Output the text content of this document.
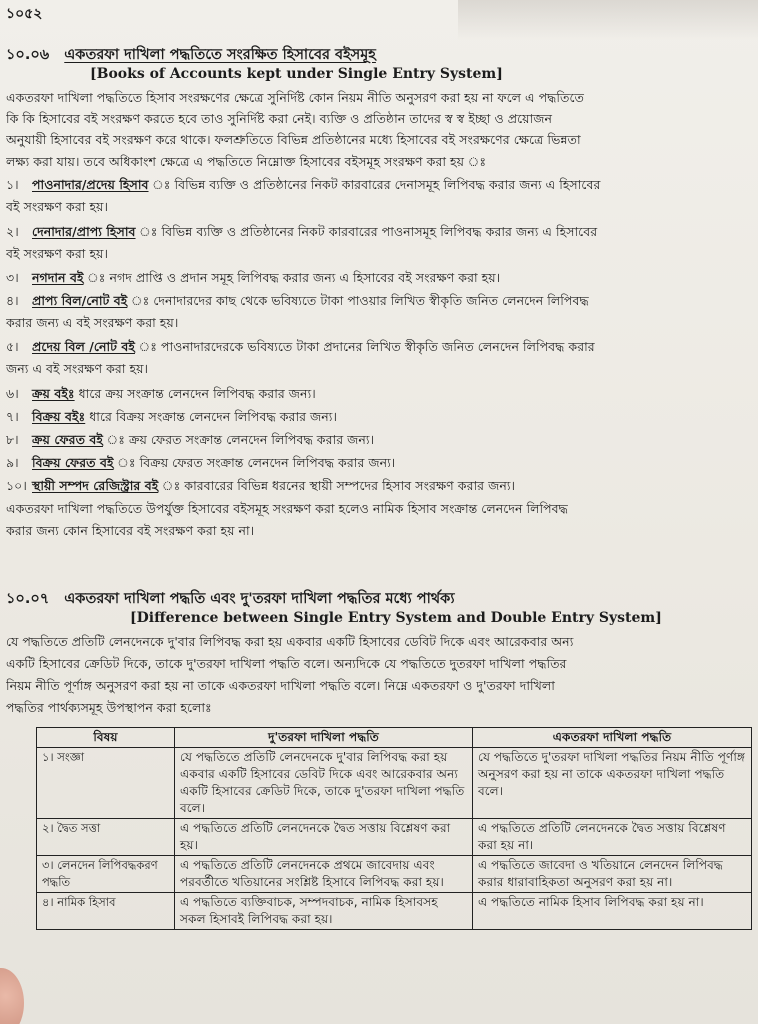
১০৫২
১০.০৬ একতরফা দাখিলা পদ্ধতিতে সংরক্ষিত হিসাবের বইসমূহ
[Books of Accounts kept under Single Entry System]
একতরফা দাখিলা পদ্ধতিতে হিসাব সংরক্ষণের ক্ষেত্রে সুনির্দিষ্ট কোন নিয়ম নীতি অনুসরণ করা হয় না ফলে এ পদ্ধতিতে
কি কি হিসাবের বই সংরক্ষণ করতে হবে তাও সুনির্দিষ্ট করা নেই। ব্যক্তি ও প্রতিষ্ঠান তাদের স্ব স্ব ইচ্ছা ও প্রয়োজন
অনুযায়ী হিসাবের বই সংরক্ষণ করে থাকে। ফলশ্রুতিতে বিভিন্ন প্রতিষ্ঠানের মধ্যে হিসাবের বই সংরক্ষণের ক্ষেত্রে ভিন্নতা
লক্ষ্য করা যায়। তবে অধিকাংশ ক্ষেত্রে এ পদ্ধতিতে নিম্নোক্ত হিসাবের বইসমূহ সংরক্ষণ করা হয় ঃ
১। পাওনাদার/প্রদেয় হিসাব ঃ বিভিন্ন ব্যক্তি ও প্রতিষ্ঠানের নিকট কারবারের দেনাসমূহ লিপিবদ্ধ করার জন্য এ হিসাবের
বই সংরক্ষণ করা হয়।
২। দেনাদার/প্রাপ্য হিসাব ঃ বিভিন্ন ব্যক্তি ও প্রতিষ্ঠানের নিকট কারবারের পাওনাসমূহ লিপিবদ্ধ করার জন্য এ হিসাবের
বই সংরক্ষণ করা হয়।
৩। নগদান বই ঃ নগদ প্রাপ্তি ও প্রদান সমূহ লিপিবদ্ধ করার জন্য এ হিসাবের বই সংরক্ষণ করা হয়।
৪। প্রাপ্য বিল/নোট বই ঃ দেনাদারদের কাছ থেকে ভবিষ্যতে টাকা পাওয়ার লিখিত স্বীকৃতি জনিত লেনদেন লিপিবদ্ধ
করার জন্য এ বই সংরক্ষণ করা হয়।
৫। প্রদেয় বিল /নোট বই ঃ পাওনাদারদেরকে ভবিষ্যতে টাকা প্রদানের লিখিত স্বীকৃতি জনিত লেনদেন লিপিবদ্ধ করার
জন্য এ বই সংরক্ষণ করা হয়।
৬। ক্রয় বইঃ ধারে ক্রয় সংক্রান্ত লেনদেন লিপিবদ্ধ করার জন্য।
৭। বিক্রয় বইঃ ধারে বিক্রয় সংক্রান্ত লেনদেন লিপিবদ্ধ করার জন্য।
৮। ক্রয় ফেরত বই ঃ ক্রয় ফেরত সংক্রান্ত লেনদেন লিপিবদ্ধ করার জন্য।
৯। বিক্রয় ফেরত বই ঃ বিক্রয় ফেরত সংক্রান্ত লেনদেন লিপিবদ্ধ করার জন্য।
১০। স্থায়ী সম্পদ রেজিস্ট্রার বই ঃ কারবারের বিভিন্ন ধরনের স্থায়ী সম্পদের হিসাব সংরক্ষণ করার জন্য।
একতরফা দাখিলা পদ্ধতিতে উপর্যুক্ত হিসাবের বইসমূহ সংরক্ষণ করা হলেও নামিক হিসাব সংক্রান্ত লেনদেন লিপিবদ্ধ
করার জন্য কোন হিসাবের বই সংরক্ষণ করা হয় না।
১০.০৭ একতরফা দাখিলা পদ্ধতি এবং দু'তরফা দাখিলা পদ্ধতির মধ্যে পার্থক্য
[Difference between Single Entry System and Double Entry System]
যে পদ্ধতিতে প্রতিটি লেনদেনকে দু'বার লিপিবদ্ধ করা হয় একবার একটি হিসাবের ডেবিট দিকে এবং আরেকবার অন্য
একটি হিসাবের ক্রেডিট দিকে, তাকে দু'তরফা দাখিলা পদ্ধতি বলে। অন্যদিকে যে পদ্ধতিতে দুতরফা দাখিলা পদ্ধতির
নিয়ম নীতি পূর্ণাঙ্গ অনুসরণ করা হয় না তাকে একতরফা দাখিলা পদ্ধতি বলে। নিম্নে একতরফা ও দু'তরফা দাখিলা
পদ্ধতির পার্থক্যসমূহ উপস্থাপন করা হলোঃ
বিষয়	দু'তরফা দাখিলা পদ্ধতি	একতরফা দাখিলা পদ্ধতি
১। সংজ্ঞা	যে পদ্ধতিতে প্রতিটি লেনদেনকে দু'বার লিপিবদ্ধ করা হয় একবার একটি হিসাবের ডেবিট দিকে এবং আরেকবার অন্য একটি হিসাবের ক্রেডিট দিকে, তাকে দু'তরফা দাখিলা পদ্ধতি বলে।	যে পদ্ধতিতে দু'তরফা দাখিলা পদ্ধতির নিয়ম নীতি পূর্ণাঙ্গ অনুসরণ করা হয় না তাকে একতরফা দাখিলা পদ্ধতি বলে।
২। দ্বৈত সত্তা	এ পদ্ধতিতে প্রতিটি লেনদেনকে দ্বৈত সত্তায় বিশ্লেষণ করা হয়।	এ পদ্ধতিতে প্রতিটি লেনদেনকে দ্বৈত সত্তায় বিশ্লেষণ করা হয় না।
৩। লেনদেন লিপিবদ্ধকরণ পদ্ধতি	এ পদ্ধতিতে প্রতিটি লেনদেনকে প্রথমে জাবেদায় এবং পরবর্তীতে খতিয়ানের সংশ্লিষ্ট হিসাবে লিপিবদ্ধ করা হয়।	এ পদ্ধতিতে জাবেদা ও খতিয়ানে লেনদেন লিপিবদ্ধ করার ধারাবাহিকতা অনুসরণ করা হয় না।
৪। নামিক হিসাব	এ পদ্ধতিতে ব্যক্তিবাচক, সম্পদবাচক, নামিক হিসাবসহ সকল হিসাবই লিপিবদ্ধ করা হয়।	এ পদ্ধতিতে নামিক হিসাব লিপিবদ্ধ করা হয় না।
